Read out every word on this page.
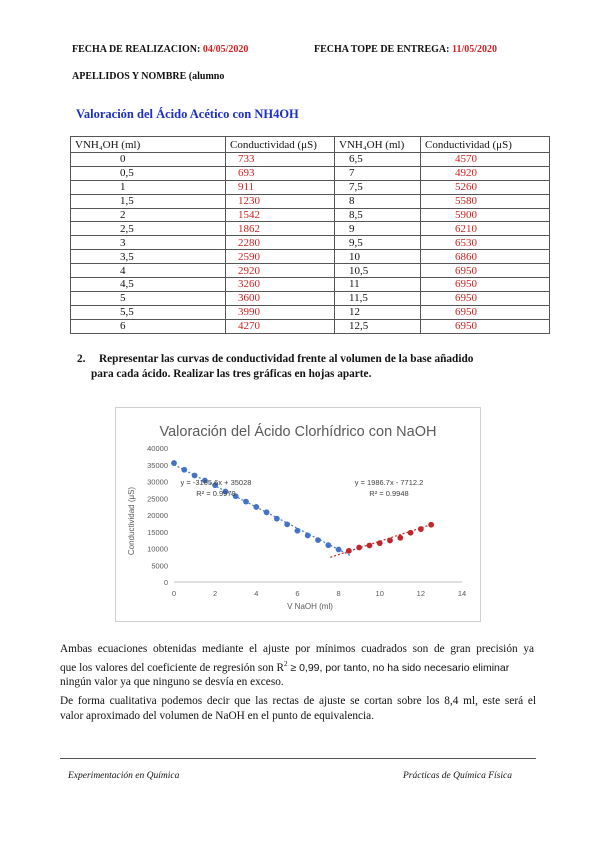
FECHA DE REALIZACION: 04/05/2020	FECHA TOPE DE ENTREGA: 11/05/2020
APELLIDOS Y NOMBRE (alumno
Valoración del Ácido Acético con NH4OH
VNH₄OH (ml)	Conductividad (μS)	VNH₄OH (ml)	Conductividad (μS)
0	733	6,5	4570
0,5	693	7	4920
1	911	7,5	5260
1,5	1230	8	5580
2	1542	8,5	5900
2,5	1862	9	6210
3	2280	9,5	6530
3,5	2590	10	6860
4	2920	10,5	6950
4,5	3260	11	6950
5	3600	11,5	6950
5,5	3990	12	6950
6	4270	12,5	6950
2. Representar las curvas de conductividad frente al volumen de la base añadido
para cada ácido. Realizar las tres gráficas en hojas aparte.
Valoración del Ácido Clorhídrico con NaOH
Conductividad (μS)
V NaOH (ml)
0
5000
10000
15000
20000
25000
30000
35000
40000
0	2	4	6	8	10	12	14
y = -3165.6x + 35028
R² = 0.9979
y = 1986.7x - 7712.2
R² = 0.9948
Ambas ecuaciones obtenidas mediante el ajuste por mínimos cuadrados son de gran precisión ya
que los valores del coeficiente de regresión son $R^2 \ge 0,99$, por tanto, no ha sido necesario eliminar
ningún valor ya que ninguno se desvía en exceso.
De forma cualitativa podemos decir que las rectas de ajuste se cortan sobre los 8,4 ml, este será el
valor aproximado del volumen de NaOH en el punto de equivalencia.
Experimentación en Química	Prácticas de Química Física
